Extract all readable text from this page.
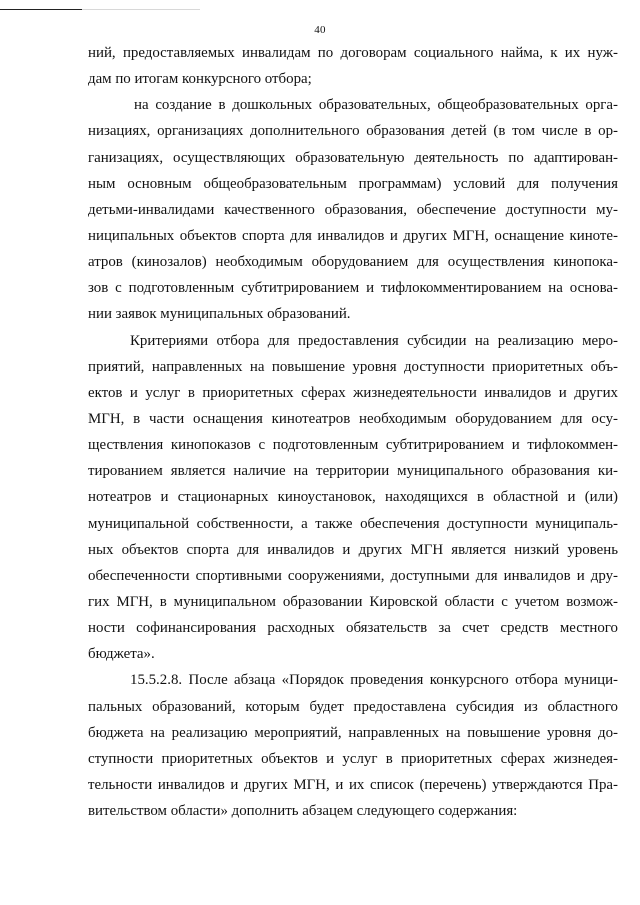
40
ний, предоставляемых инвалидам по договорам социального найма, к их нуж-
дам по итогам конкурсного отбора;
на создание в дошкольных образовательных, общеобразовательных орга-
низациях, организациях дополнительного образования детей (в том числе в ор-
ганизациях, осуществляющих образовательную деятельность по адаптирован-
ным основным общеобразовательным программам) условий для получения
детьми-инвалидами качественного образования, обеспечение доступности му-
ниципальных объектов спорта для инвалидов и других МГН, оснащение киноте-
атров (кинозалов) необходимым оборудованием для осуществления кинопока-
зов с подготовленным субтитрированием и тифлокомментированием на основа-
нии заявок муниципальных образований.
Критериями отбора для предоставления субсидии на реализацию меро-
приятий, направленных на повышение уровня доступности приоритетных объ-
ектов и услуг в приоритетных сферах жизнедеятельности инвалидов и других
МГН, в части оснащения кинотеатров необходимым оборудованием для осу-
ществления кинопоказов с подготовленным субтитрированием и тифлокоммен-
тированием является наличие на территории муниципального образования ки-
нотеатров и стационарных киноустановок, находящихся в областной и (или)
муниципальной собственности, а также обеспечения доступности муниципаль-
ных объектов спорта для инвалидов и других МГН является низкий уровень
обеспеченности спортивными сооружениями, доступными для инвалидов и дру-
гих МГН, в муниципальном образовании Кировской области с учетом возмож-
ности софинансирования расходных обязательств за счет средств местного
бюджета».
15.5.2.8. После абзаца «Порядок проведения конкурсного отбора муници-
пальных образований, которым будет предоставлена субсидия из областного
бюджета на реализацию мероприятий, направленных на повышение уровня до-
ступности приоритетных объектов и услуг в приоритетных сферах жизнедея-
тельности инвалидов и других МГН, и их список (перечень) утверждаются Пра-
вительством области» дополнить абзацем следующего содержания:
